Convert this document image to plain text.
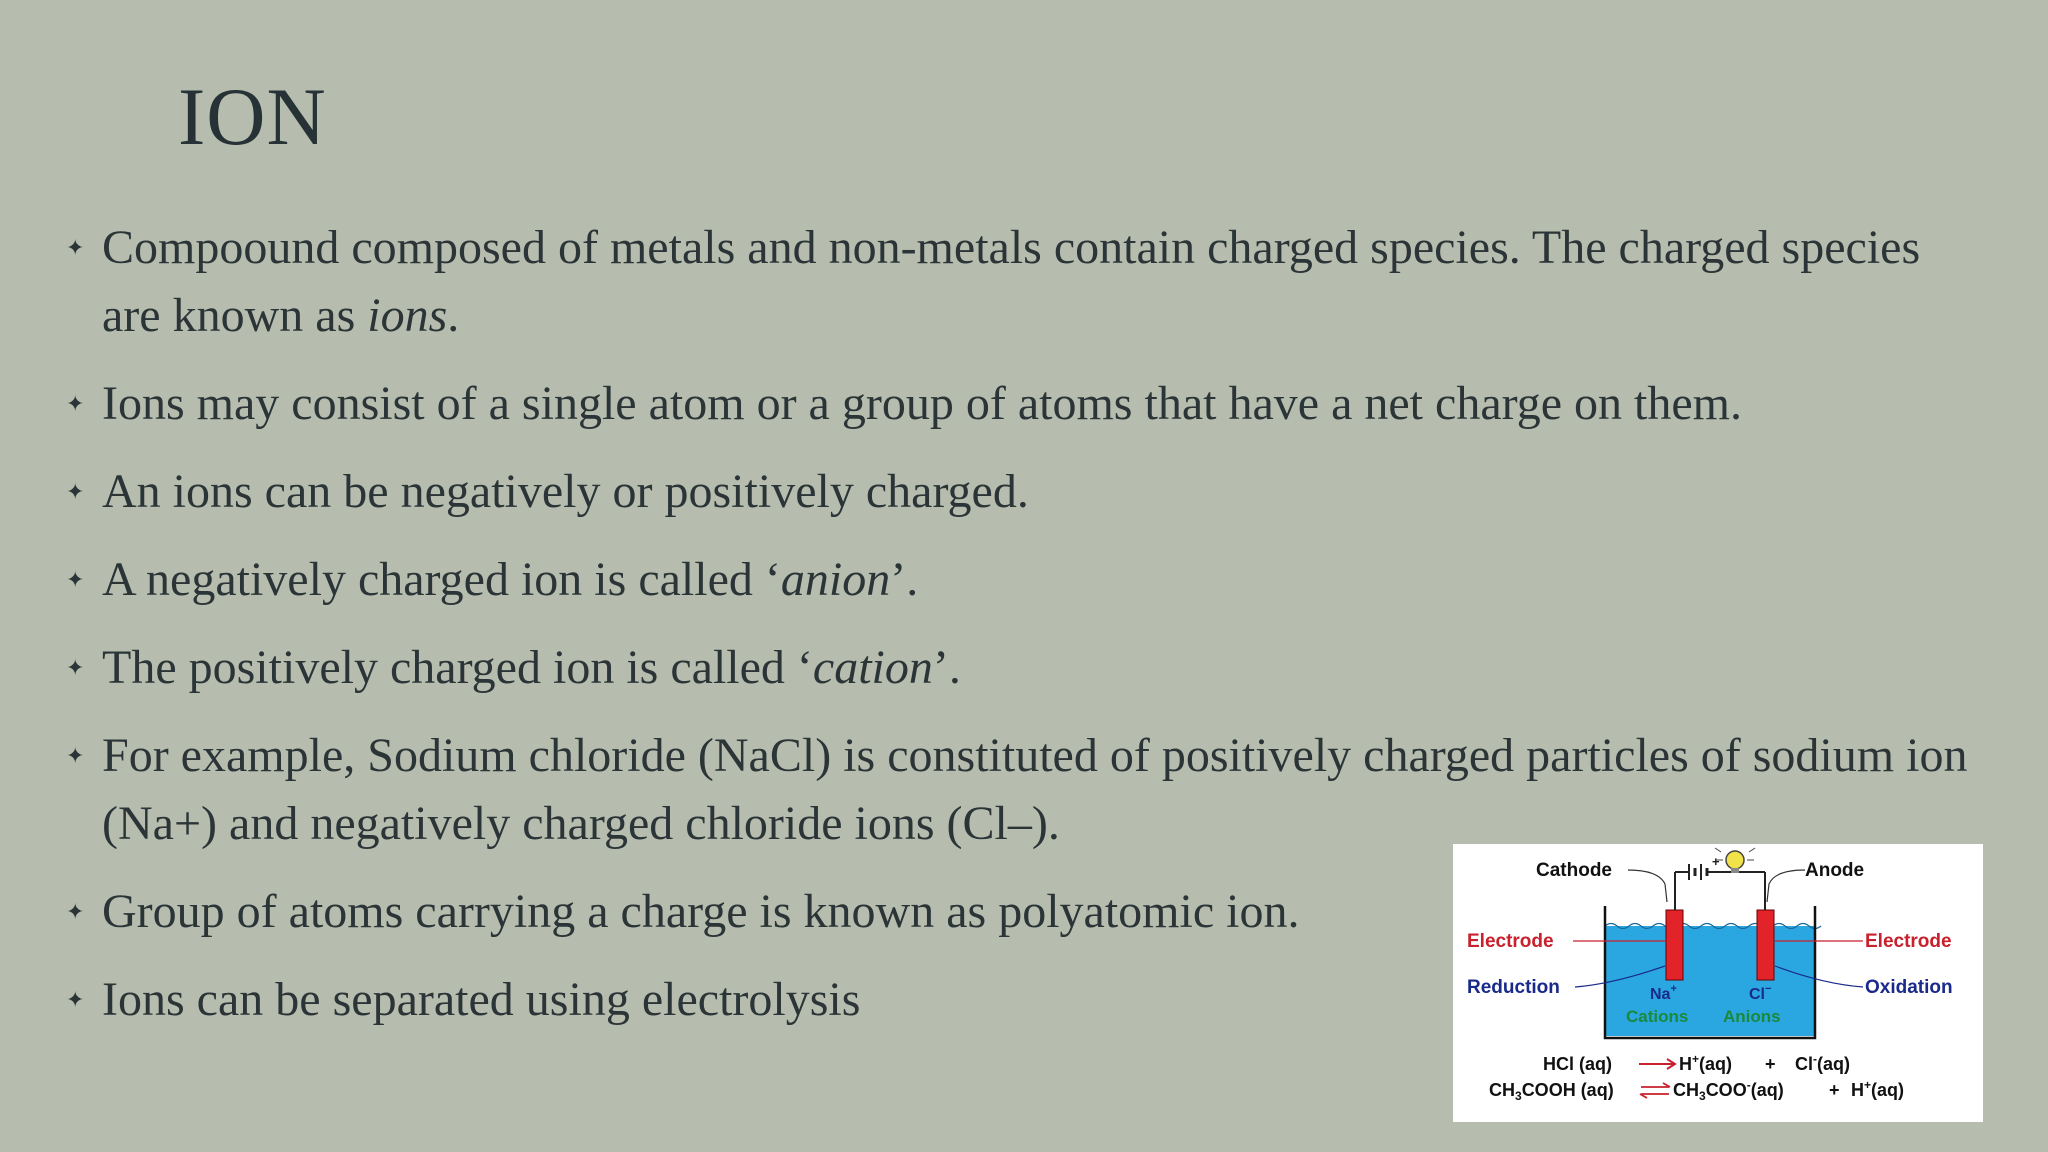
ION
✦ Compoound composed of metals and non-metals contain charged species. The charged species are known as ions.
✦ Ions may consist of a single atom or a group of atoms that have a net charge on them.
✦ An ions can be negatively or positively charged.
✦ A negatively charged ion is called ‘anion’.
✦ The positively charged ion is called ‘cation’.
✦ For example, Sodium chloride (NaCl) is constituted of positively charged particles of sodium ion (Na+) and negatively charged chloride ions (Cl–).
✦ Group of atoms carrying a charge is known as polyatomic ion.
✦ Ions can be separated using electrolysis
+
Cathode	Anode
Electrode	Electrode
Reduction	Oxidation
Na+	Cl−
Cations Anions
HCl (aq)	H+(aq) + Cl-(aq)
$CH_3COOH$ (aq)	$CH_3COO^-(aq)$	+ H+(aq)
